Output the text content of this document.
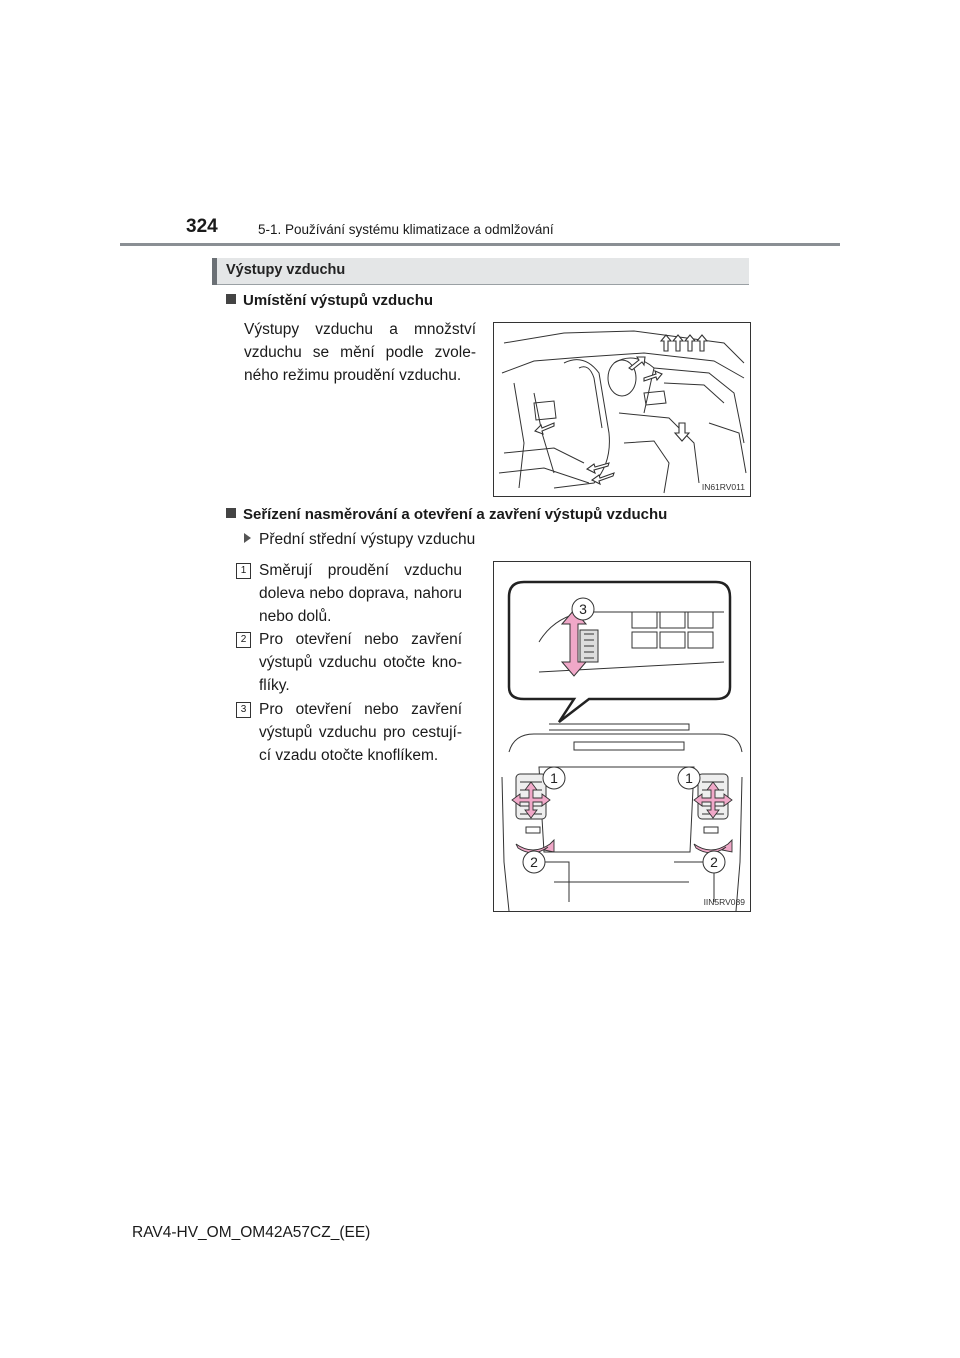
324	5-1. Používání systému klimatizace a odmlžování
Výstupy vzduchu
Umístění výstupů vzduchu
Výstupy vzduchu a množství vzduchu se mění podle zvole-ného režimu proudění vzduchu.
IN61RV011
Seřízení nasměrování a otevření a zavření výstupů vzduchu
Přední střední výstupy vzduchu
1 Směrují proudění vzduchu doleva nebo doprava, nahoru nebo dolů.
2 Pro otevření nebo zavření výstupů vzduchu otočte kno-flíky.
3 Pro otevření nebo zavření výstupů vzduchu pro cestují-cí vzadu otočte knoflíkem.
3
1	1
2	2
IIN5RV089
RAV4-HV_OM_OM42A57CZ_(EE)
